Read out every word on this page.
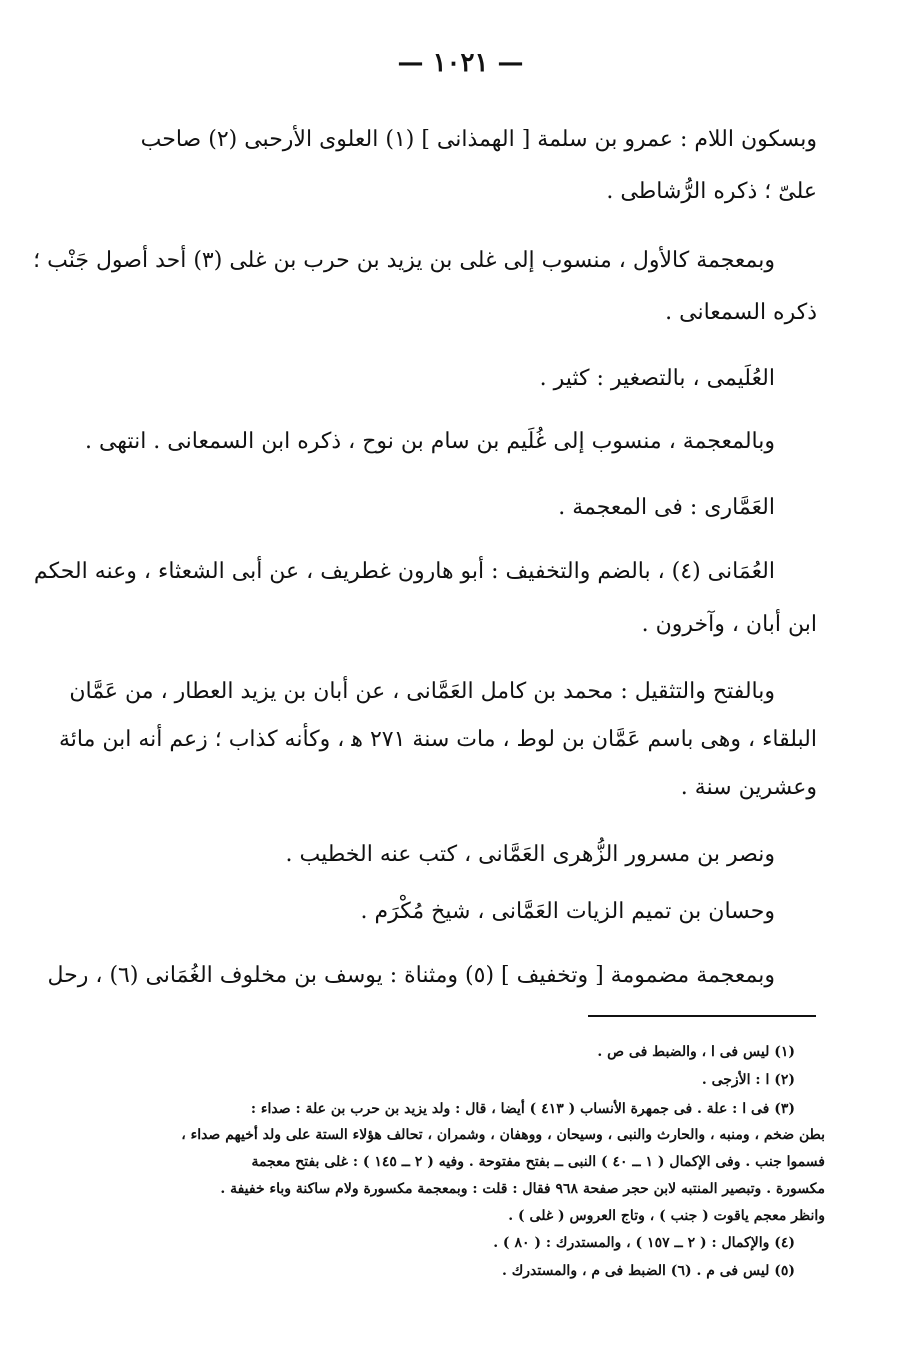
— ١٠٢١ —
وبسكون اللام : عمرو بن سلمة [ الهمذانى ] (١) العلوى الأرحبى (٢) صاحب
علىّ ؛ ذكره الرُّشاطى .
وبمعجمة كالأول ، منسوب إلى غلى بن يزيد بن حرب بن غلى (٣) أحد أصول جَنْب ؛
ذكره السمعانى .
العُلَيمى ، بالتصغير : كثير .
وبالمعجمة ، منسوب إلى غُلَيم بن سام بن نوح ، ذكره ابن السمعانى . انتهى .
العَمَّارى : فى المعجمة .
العُمَانى (٤) ، بالضم والتخفيف : أبو هارون غطريف ، عن أبى الشعثاء ، وعنه الحكم
ابن أبان ، وآخرون .
وبالفتح والتثقيل : محمد بن كامل العَمَّانى ، عن أبان بن يزيد العطار ، من عَمَّان
البلقاء ، وهى باسم عَمَّان بن لوط ، مات سنة ٢٧١ ﻫ ، وكأنه كذاب ؛ زعم أنه ابن مائة
وعشرين سنة .
ونصر بن مسرور الزُّهرى العَمَّانى ، كتب عنه الخطيب .
وحسان بن تميم الزيات العَمَّانى ، شيخ مُكْرَم .
وبمعجمة مضمومة [ وتخفيف ] (٥) ومثناة : يوسف بن مخلوف الغُمَانى (٦) ، رحل
(١) ليس فى ا ، والضبط فى ص .
(٢) ا : الأزجى .
(٣) فى ا : علة . فى جمهرة الأنساب ( ٤١٣ ) أيضا ، قال : ولد يزيد بن حرب بن علة : صداء :
بطن ضخم ، ومنبه ، والحارث والنبى ، وسيحان ، ووهفان ، وشمران ، تحالف هؤلاء الستة على ولد أخيهم صداء ،
فسموا جنب . وفى الإكمال ( ١ ــ ٤٠ ) النبى ــ بفتح مفتوحة . وفيه ( ٢ ــ ١٤٥ ) : غلى بفتح معجمة
مكسورة . وتبصير المنتبه لابن حجر صفحة ٩٦٨ فقال : قلت : وبمعجمة مكسورة ولام ساكنة وباء خفيفة .
وانظر معجم ياقوت ( جنب ) ، وتاج العروس ( غلى ) .
(٤) والإكمال : ( ٢ ــ ١٥٧ ) ، والمستدرك : ( ٨٠ ) .
(٥) ليس فى م . (٦) الضبط فى م ، والمستدرك .
